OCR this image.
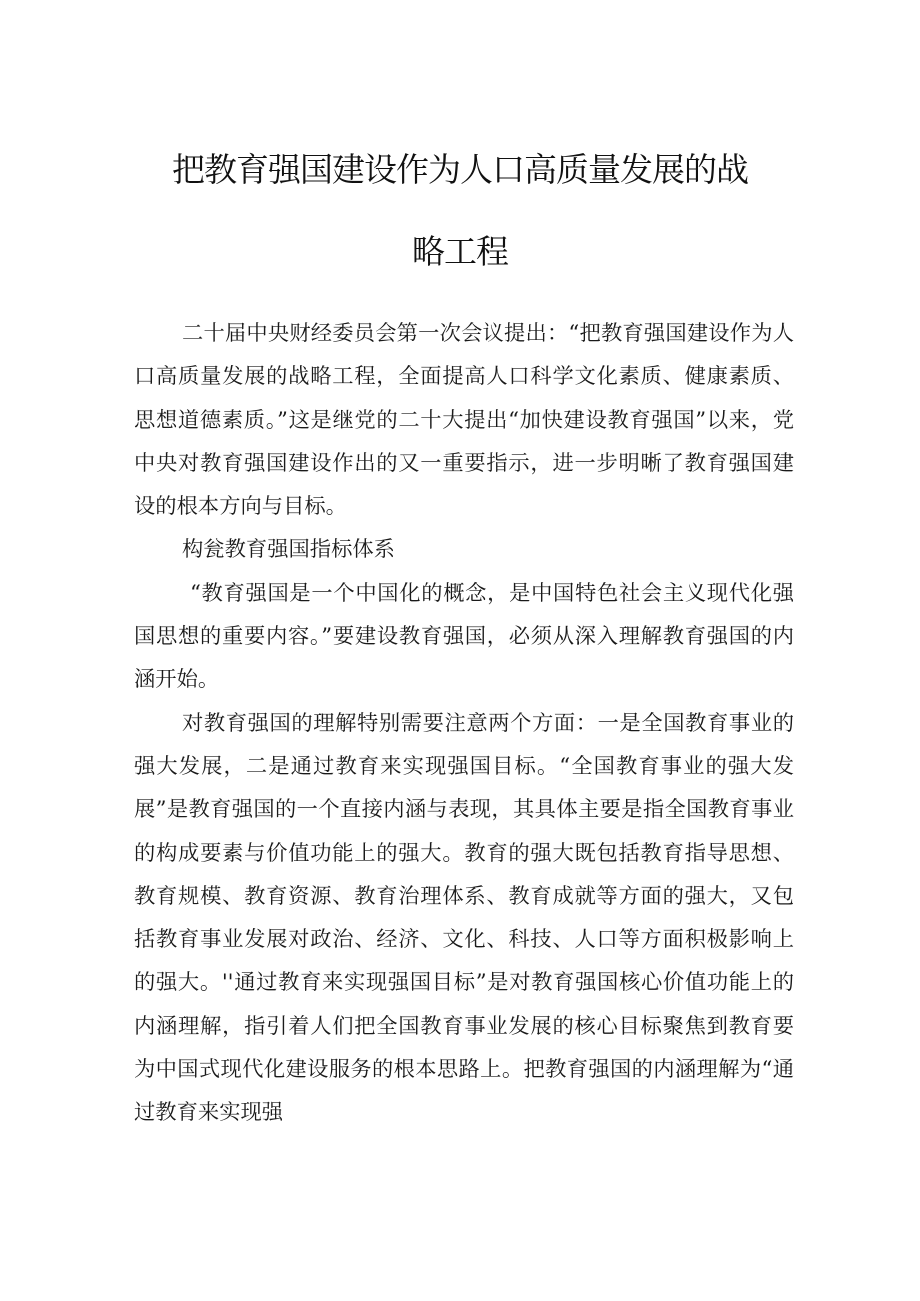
把教育强国建设作为人口高质量发展的战
略工程

二十届中央财经委员会第一次会议提出：“把教育强国建设作为人口高质量发展的战略工程，全面提高人口科学文化素质、健康素质、思想道德素质。”这是继党的二十大提出“加快建设教育强国”以来，党中央对教育强国建设作出的又一重要指示，进一步明晰了教育强国建设的根本方向与目标。

构瓮教育强国指标体系

“教育强国是一个中国化的概念，是中国特色社会主义现代化强国思想的重要内容。”要建设教育强国，必须从深入理解教育强国的内涵开始。

对教育强国的理解特别需要注意两个方面：一是全国教育事业的强大发展，二是通过教育来实现强国目标。“全国教育事业的强大发展”是教育强国的一个直接内涵与表现，其具体主要是指全国教育事业的构成要素与价值功能上的强大。教育的强大既包括教育指导思想、教育规模、教育资源、教育治理体系、教育成就等方面的强大，又包括教育事业发展对政治、经济、文化、科技、人口等方面积极影响上的强大。''通过教育来实现强国目标”是对教育强国核心价值功能上的内涵理解，指引着人们把全国教育事业发展的核心目标聚焦到教育要为中国式现代化建设服务的根本思路上。把教育强国的内涵理解为“通过教育来实现强
